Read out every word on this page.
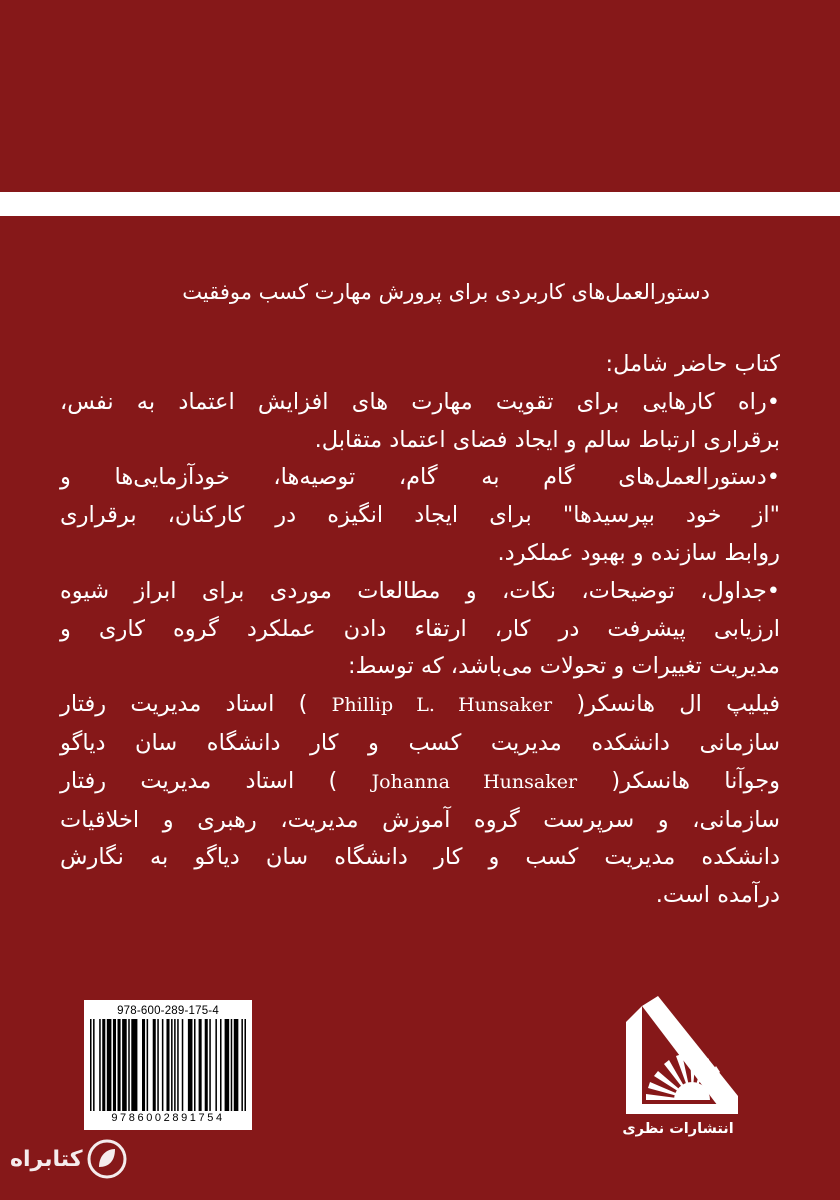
دستورالعمل‌های کاربردی برای پرورش مهارت کسب موفقیت
کتاب حاضر شامل:
•راه کارهایی برای تقویت مهارت های افزایش اعتماد به نفس،
برقراری ارتباط سالم و ایجاد فضای اعتماد متقابل.
•دستورالعمل‌های گام به گام، توصیه‌ها، خودآزمایی‌ها و
"از خود بپرسیدها" برای ایجاد انگیزه در کارکنان، برقراری
روابط سازنده و بهبود عملکرد.
•جداول، توضیحات، نکات، و مطالعات موردی برای ابراز شیوه
ارزیابی پیشرفت در کار، ارتقاء دادن عملکرد گروه کاری و
مدیریت تغییرات و تحولات می‌باشد، که توسط:
فیلیپ ال هانسکر( Phillip L. Hunsaker ) استاد مدیریت رفتار
سازمانی دانشکده مدیریت کسب و کار دانشگاه سان دیاگو
وجوآنا هانسکر( Johanna Hunsaker ) استاد مدیریت رفتار
سازمانی، و سرپرست گروه آموزش مدیریت، رهبری و اخلاقیات
دانشکده مدیریت کسب و کار دانشگاه سان دیاگو به نگارش
درآمده است.
978-600-289-175-4
9786002891754
انتشارات نظری
کتابراه
